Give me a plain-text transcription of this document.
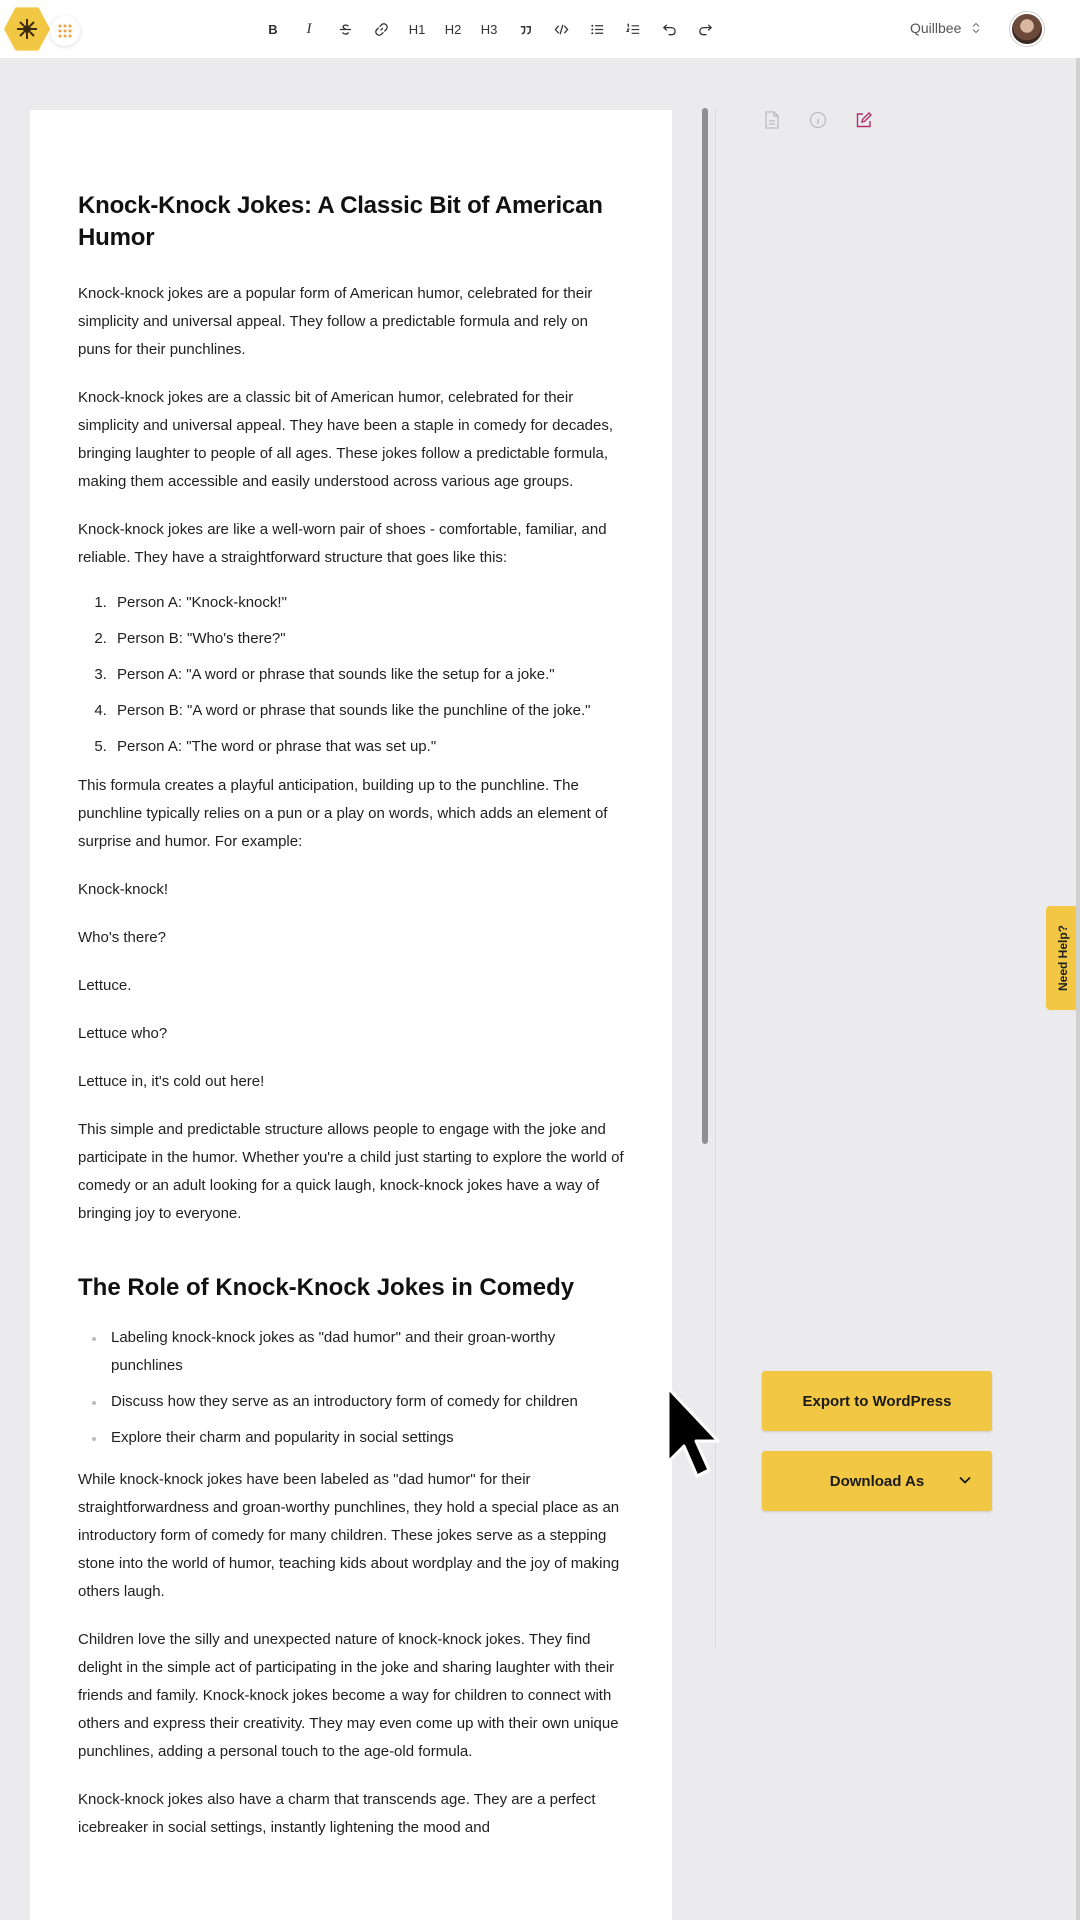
B	I	H1	H2	H3	Quillbee
Knock-Knock Jokes: A Classic Bit of American Humor

Knock-knock jokes are a popular form of American humor, celebrated for their simplicity and universal appeal. They follow a predictable formula and rely on puns for their punchlines.

Knock-knock jokes are a classic bit of American humor, celebrated for their simplicity and universal appeal. They have been a staple in comedy for decades, bringing laughter to people of all ages. These jokes follow a predictable formula, making them accessible and easily understood across various age groups.

Knock-knock jokes are like a well-worn pair of shoes - comfortable, familiar, and reliable. They have a straightforward structure that goes like this:

1. Person A: "Knock-knock!"
2. Person B: "Who's there?"
3. Person A: "A word or phrase that sounds like the setup for a joke."
4. Person B: "A word or phrase that sounds like the punchline of the joke."
5. Person A: "The word or phrase that was set up."

This formula creates a playful anticipation, building up to the punchline. The punchline typically relies on a pun or a play on words, which adds an element of surprise and humor. For example:

Knock-knock!

Who's there?

Lettuce.

Lettuce who?

Lettuce in, it's cold out here!

This simple and predictable structure allows people to engage with the joke and participate in the humor. Whether you're a child just starting to explore the world of comedy or an adult looking for a quick laugh, knock-knock jokes have a way of bringing joy to everyone.

The Role of Knock-Knock Jokes in Comedy
Labeling knock-knock jokes as "dad humor" and their groan-worthy punchlines
Discuss how they serve as an introductory form of comedy for children
Explore their charm and popularity in social settings

While knock-knock jokes have been labeled as "dad humor" for their straightforwardness and groan-worthy punchlines, they hold a special place as an introductory form of comedy for many children. These jokes serve as a stepping stone into the world of humor, teaching kids about wordplay and the joy of making others laugh.

Children love the silly and unexpected nature of knock-knock jokes. They find delight in the simple act of participating in the joke and sharing laughter with their friends and family. Knock-knock jokes become a way for children to connect with others and express their creativity. They may even come up with their own unique punchlines, adding a personal touch to the age-old formula.

Knock-knock jokes also have a charm that transcends age. They are a perfect icebreaker in social settings, instantly lightening the mood and

Export to WordPress
Download As
Need Help?
